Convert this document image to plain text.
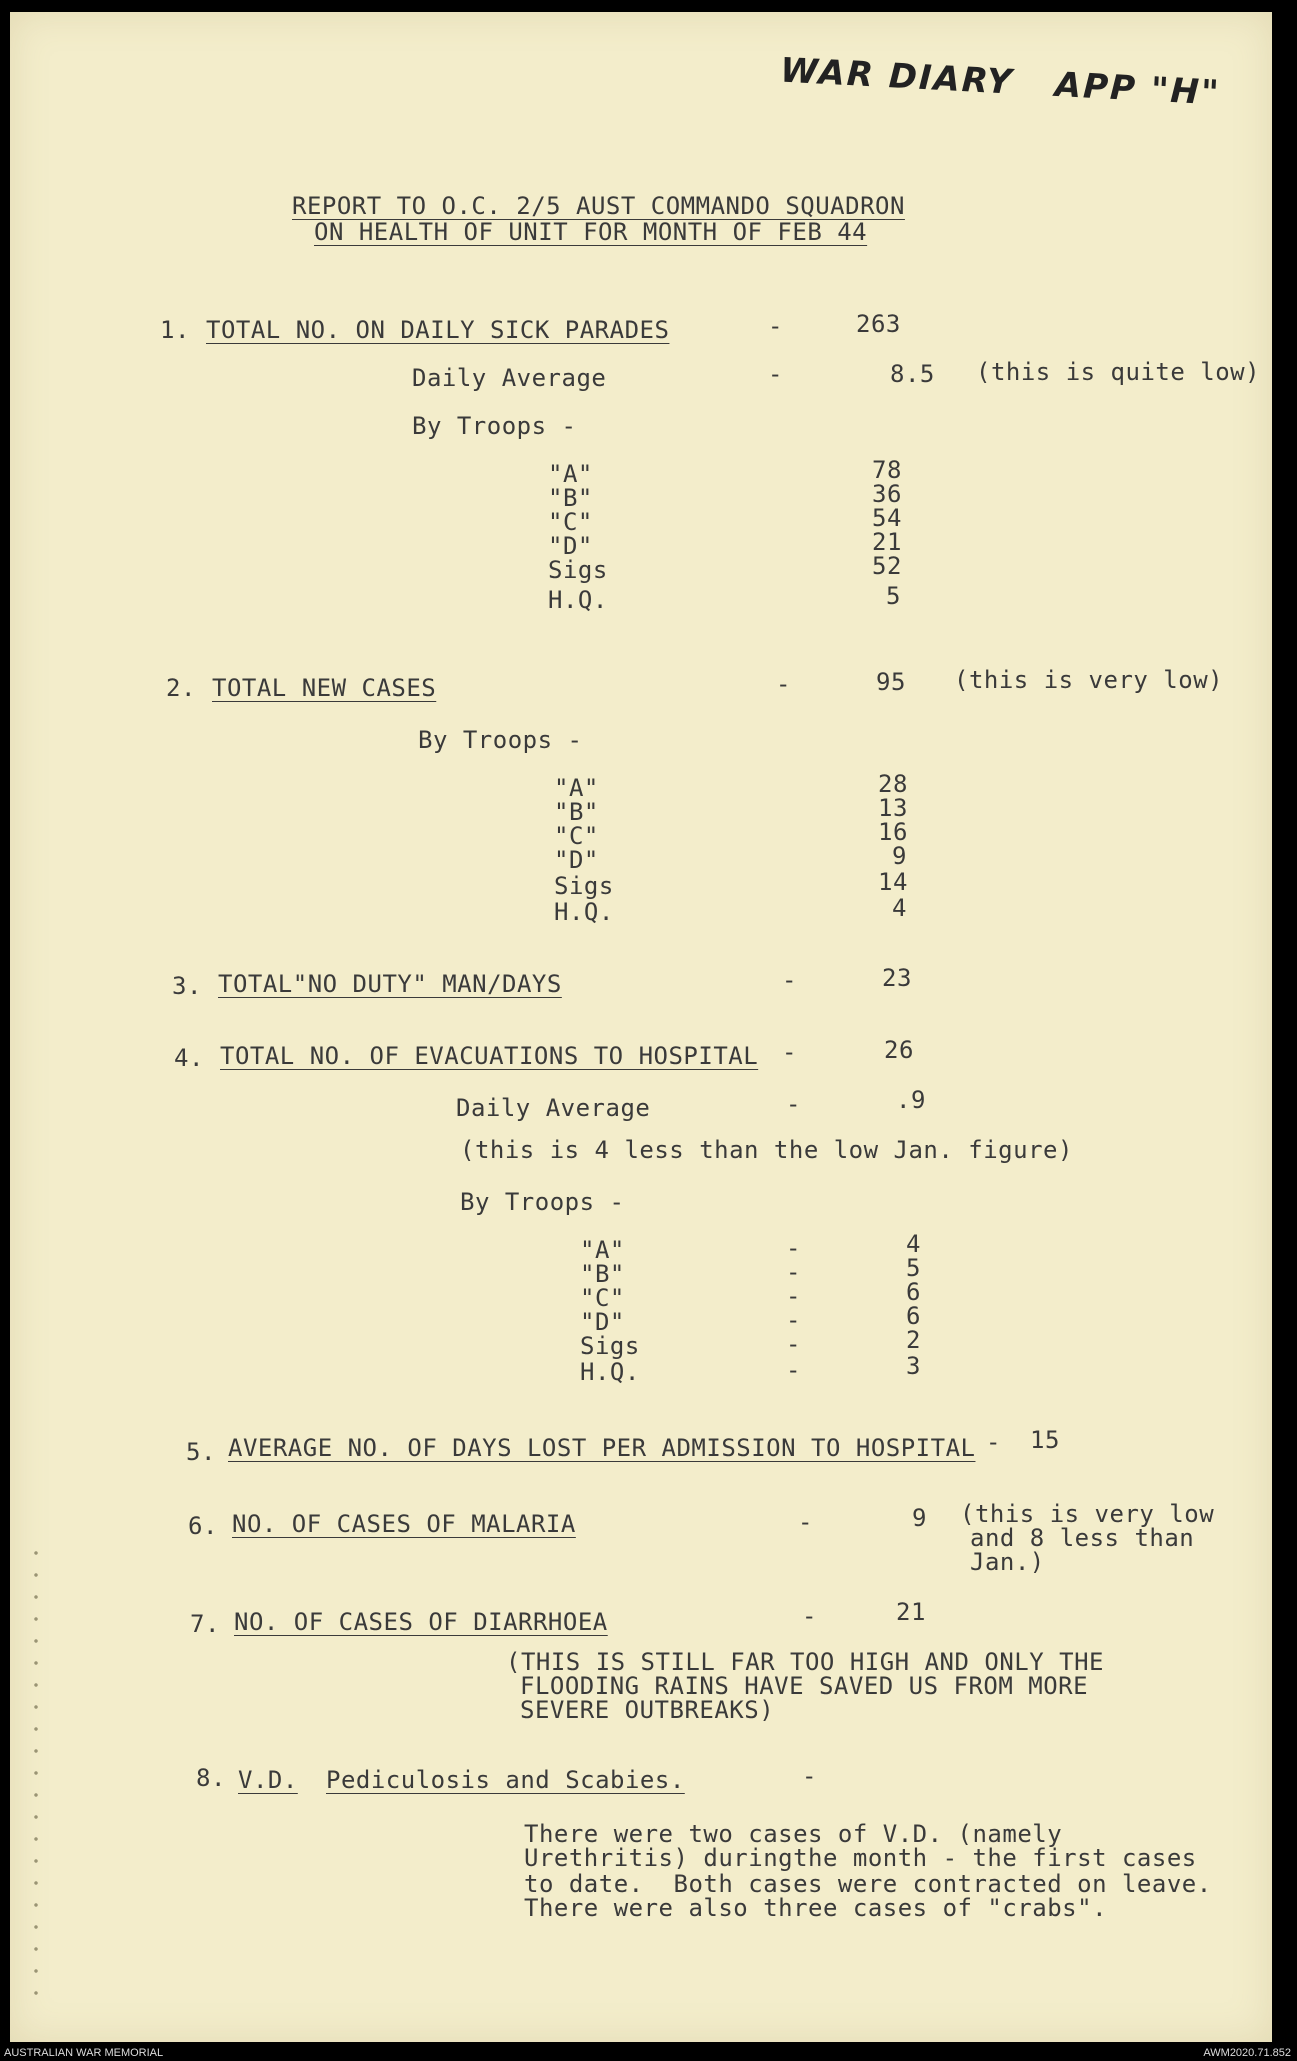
WAR DIARY   APP "H"
REPORT TO O.C. 2/5 AUST COMMANDO SQUADRON
ON HEALTH OF UNIT FOR MONTH OF FEB 44
1. TOTAL NO. ON DAILY SICK PARADES	-	263
Daily Average	-	8.5 (this is quite low)
By Troops -
"A"	78
"B"	36
"C"	54
"D"	21
Sigs	52
H.Q.	5
2. TOTAL NEW CASES	-	95 (this is very low)
By Troops -
"A"	28
"B"	13
"C"	16
"D"	9
Sigs	14
H.Q.	4
3. TOTAL"NO DUTY" MAN/DAYS	-	23
4. TOTAL NO. OF EVACUATIONS TO HOSPITAL -	26
Daily Average	-	.9
(this is 4 less than the low Jan. figure)
By Troops -
"A"	-	4
"B"	-	5
"C"	-	6
"D"	-	6
Sigs	-	2
H.Q.	-	3
5. AVERAGE NO. OF DAYS LOST PER ADMISSION TO HOSPITAL - 15
6. NO. OF CASES OF MALARIA	-	9 (this is very low
and 8 less than
Jan.)
7. NO. OF CASES OF DIARRHOEA	-	21
(THIS IS STILL FAR TOO HIGH AND ONLY THE
FLOODING RAINS HAVE SAVED US FROM MORE
SEVERE OUTBREAKS)
8. V.D. Pediculosis and Scabies.	-
There were two cases of V.D. (namely
Urethritis) duringthe month - the first cases
to date.  Both cases were contracted on leave.
There were also three cases of "crabs".
AUSTRALIAN WAR MEMORIAL	AWM2020.71.852
